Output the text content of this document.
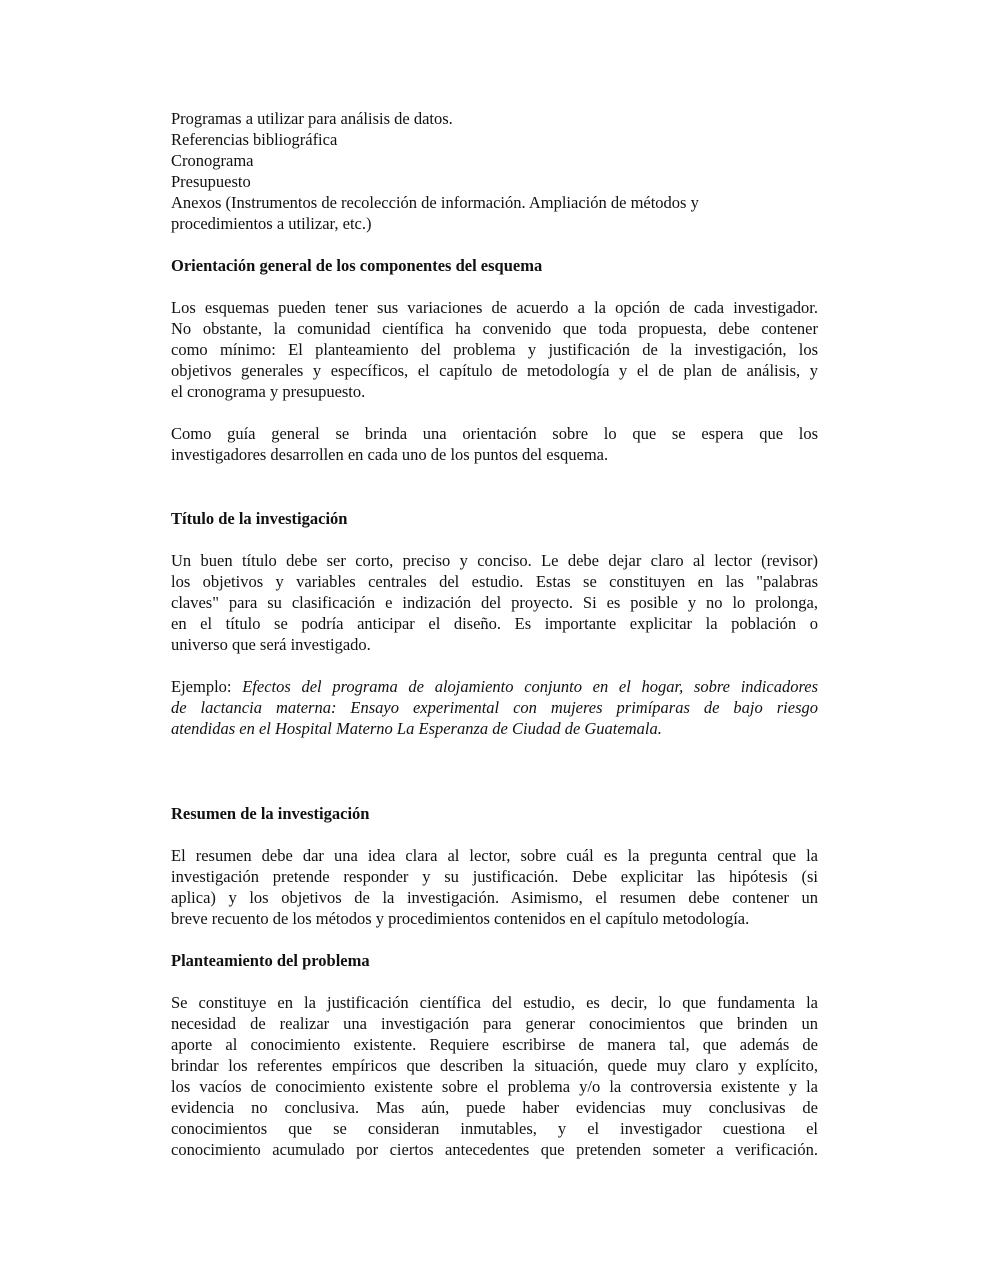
Programas a utilizar para análisis de datos.
Referencias bibliográfica
Cronograma
Presupuesto
Anexos (Instrumentos de recolección de información. Ampliación de métodos y
procedimientos a utilizar, etc.)
Orientación general de los componentes del esquema
Los esquemas pueden tener sus variaciones de acuerdo a la opción de cada investigador.
No obstante, la comunidad científica ha convenido que toda propuesta, debe contener
como mínimo: El planteamiento del problema y justificación de la investigación, los
objetivos generales y específicos, el capítulo de metodología y el de plan de análisis, y
el cronograma y presupuesto.
Como guía general se brinda una orientación sobre lo que se espera que los
investigadores desarrollen en cada uno de los puntos del esquema.
Título de la investigación
Un buen título debe ser corto, preciso y conciso. Le debe dejar claro al lector (revisor)
los objetivos y variables centrales del estudio. Estas se constituyen en las "palabras
claves" para su clasificación e indización del proyecto. Si es posible y no lo prolonga,
en el título se podría anticipar el diseño. Es importante explicitar la población o
universo que será investigado.
Ejemplo: Efectos del programa de alojamiento conjunto en el hogar, sobre indicadores
de lactancia materna: Ensayo experimental con mujeres primíparas de bajo riesgo
atendidas en el Hospital Materno La Esperanza de Ciudad de Guatemala.
Resumen de la investigación
El resumen debe dar una idea clara al lector, sobre cuál es la pregunta central que la
investigación pretende responder y su justificación. Debe explicitar las hipótesis (si
aplica) y los objetivos de la investigación. Asimismo, el resumen debe contener un
breve recuento de los métodos y procedimientos contenidos en el capítulo metodología.
Planteamiento del problema
Se constituye en la justificación científica del estudio, es decir, lo que fundamenta la
necesidad de realizar una investigación para generar conocimientos que brinden un
aporte al conocimiento existente. Requiere escribirse de manera tal, que además de
brindar los referentes empíricos que describen la situación, quede muy claro y explícito,
los vacíos de conocimiento existente sobre el problema y/o la controversia existente y la
evidencia no conclusiva. Mas aún, puede haber evidencias muy conclusivas de
conocimientos que se consideran inmutables, y el investigador cuestiona el
conocimiento acumulado por ciertos antecedentes que pretenden someter a verificación.
